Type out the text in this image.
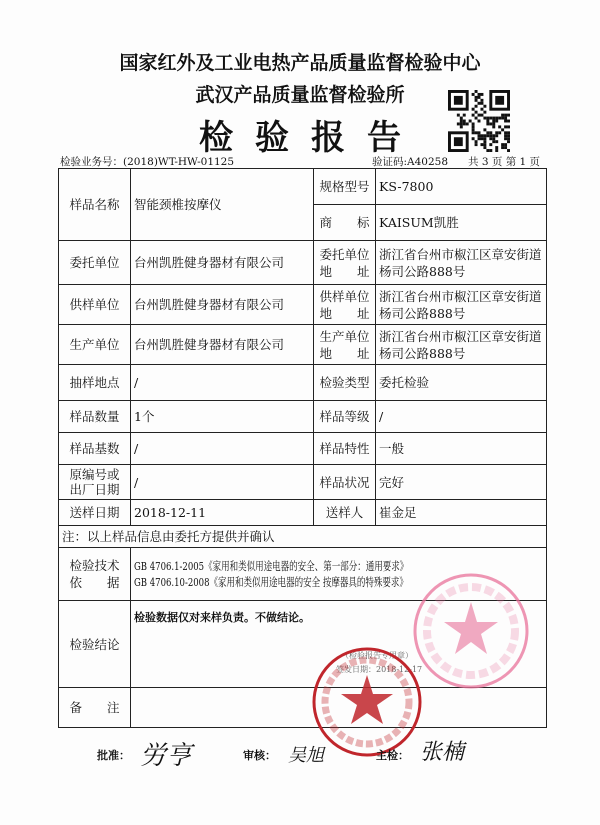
国家红外及工业电热产品质量监督检验中心
武汉产品质量监督检验所
检验报告
检验业务号：(2018)WT-HW-01125	验证码:A40258 共 3 页 第 1 页
样品名称	智能颈椎按摩仪	规格型号	KS-7800
		商　　标	KAISUM凯胜
委托单位	台州凯胜健身器材有限公司	委托单位
地　　址	浙江省台州市椒江区章安街道杨司公路888号
供样单位	台州凯胜健身器材有限公司	供样单位
地　　址	浙江省台州市椒江区章安街道杨司公路888号
生产单位	台州凯胜健身器材有限公司	生产单位
地　　址	浙江省台州市椒江区章安街道杨司公路888号
抽样地点	/	检验类型	委托检验
样品数量	1个	样品等级	/
样品基数	/	样品特性	一般
原编号或
出厂日期	/	样品状况	完好
送样日期	2018-12-11	送样人	崔金足
注：以上样品信息由委托方提供并确认			
检验技术
依　　据	GB 4706.1-2005《家用和类似用途电器的安全、第一部分：通用要求》
GB 4706.10-2008《家用和类似用途电器的安全 按摩器具的特殊要求》		

检验结论	检验数据仅对来样负责。不做结论。
（检验报告专用章）
签发日期：2018-12-17		

备　　注			
批准： 労亨	审核： 吴旭	主检： 张楠
